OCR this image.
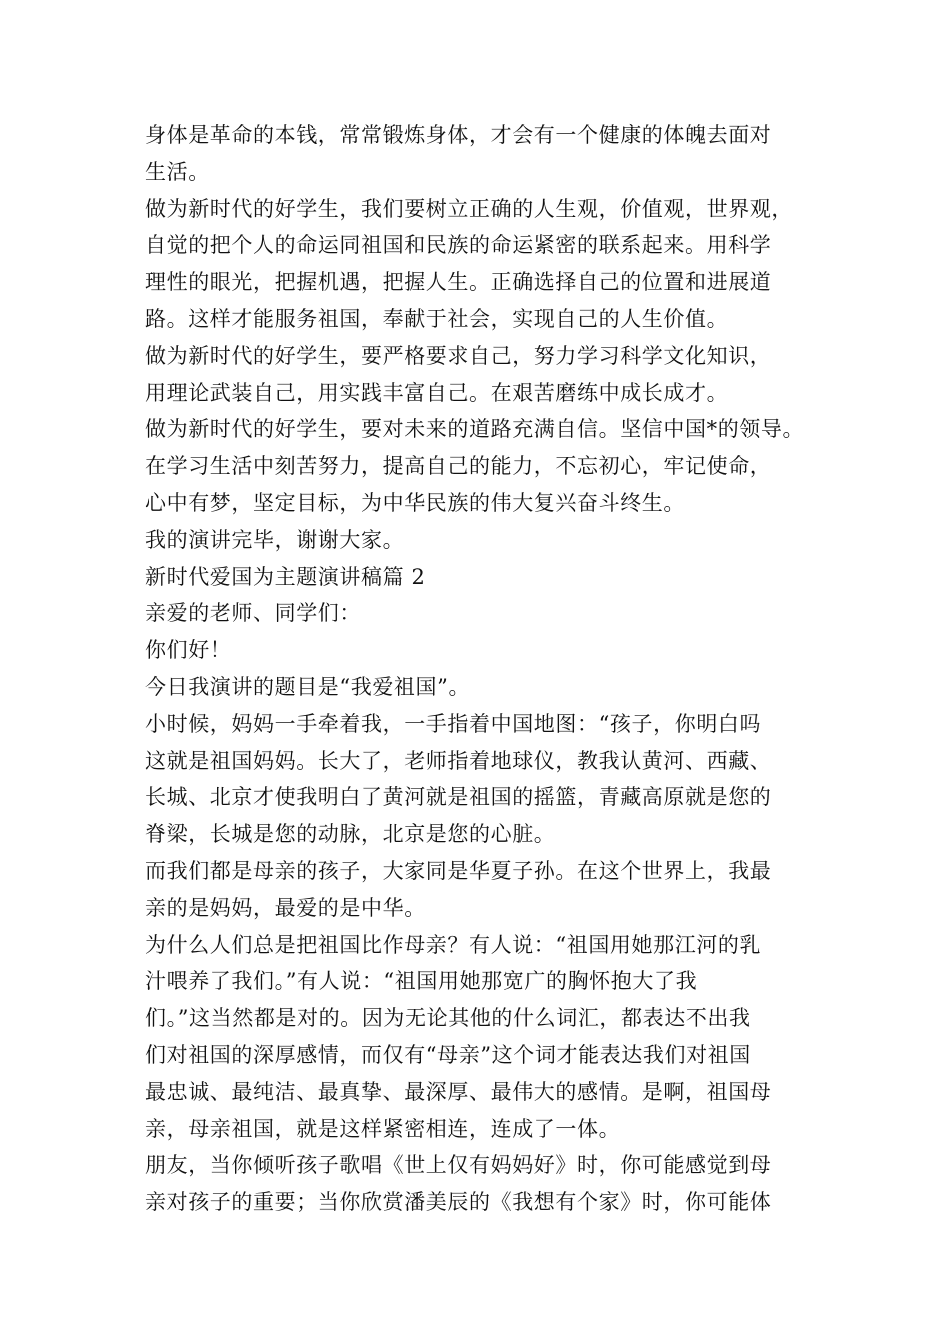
身体是革命的本钱，常常锻炼身体，才会有一个健康的体魄去面对
生活。
做为新时代的好学生，我们要树立正确的人生观，价值观，世界观，
自觉的把个人的命运同祖国和民族的命运紧密的联系起来。用科学
理性的眼光，把握机遇，把握人生。正确选择自己的位置和进展道
路。这样才能服务祖国，奉献于社会，实现自己的人生价值。
做为新时代的好学生，要严格要求自己，努力学习科学文化知识，
用理论武装自己，用实践丰富自己。在艰苦磨练中成长成才。
做为新时代的好学生，要对未来的道路充满自信。坚信中国*的领导。
在学习生活中刻苦努力，提高自己的能力，不忘初心，牢记使命，
心中有梦，坚定目标，为中华民族的伟大复兴奋斗终生。
我的演讲完毕，谢谢大家。
新时代爱国为主题演讲稿篇 2
亲爱的老师、同学们：
你们好！
今日我演讲的题目是“我爱祖国”。
小时候，妈妈一手牵着我，一手指着中国地图：“孩子，你明白吗
这就是祖国妈妈。长大了，老师指着地球仪，教我认黄河、西藏、
长城、北京才使我明白了黄河就是祖国的摇篮，青藏高原就是您的
脊梁，长城是您的动脉，北京是您的心脏。
而我们都是母亲的孩子，大家同是华夏子孙。在这个世界上，我最
亲的是妈妈，最爱的是中华。
为什么人们总是把祖国比作母亲？有人说：“祖国用她那江河的乳
汁喂养了我们。”有人说：“祖国用她那宽广的胸怀抱大了我
们。”这当然都是对的。因为无论其他的什么词汇，都表达不出我
们对祖国的深厚感情，而仅有“母亲”这个词才能表达我们对祖国
最忠诚、最纯洁、最真挚、最深厚、最伟大的感情。是啊，祖国母
亲，母亲祖国，就是这样紧密相连，连成了一体。
朋友，当你倾听孩子歌唱《世上仅有妈妈好》时，你可能感觉到母
亲对孩子的重要；当你欣赏潘美辰的《我想有个家》时，你可能体
